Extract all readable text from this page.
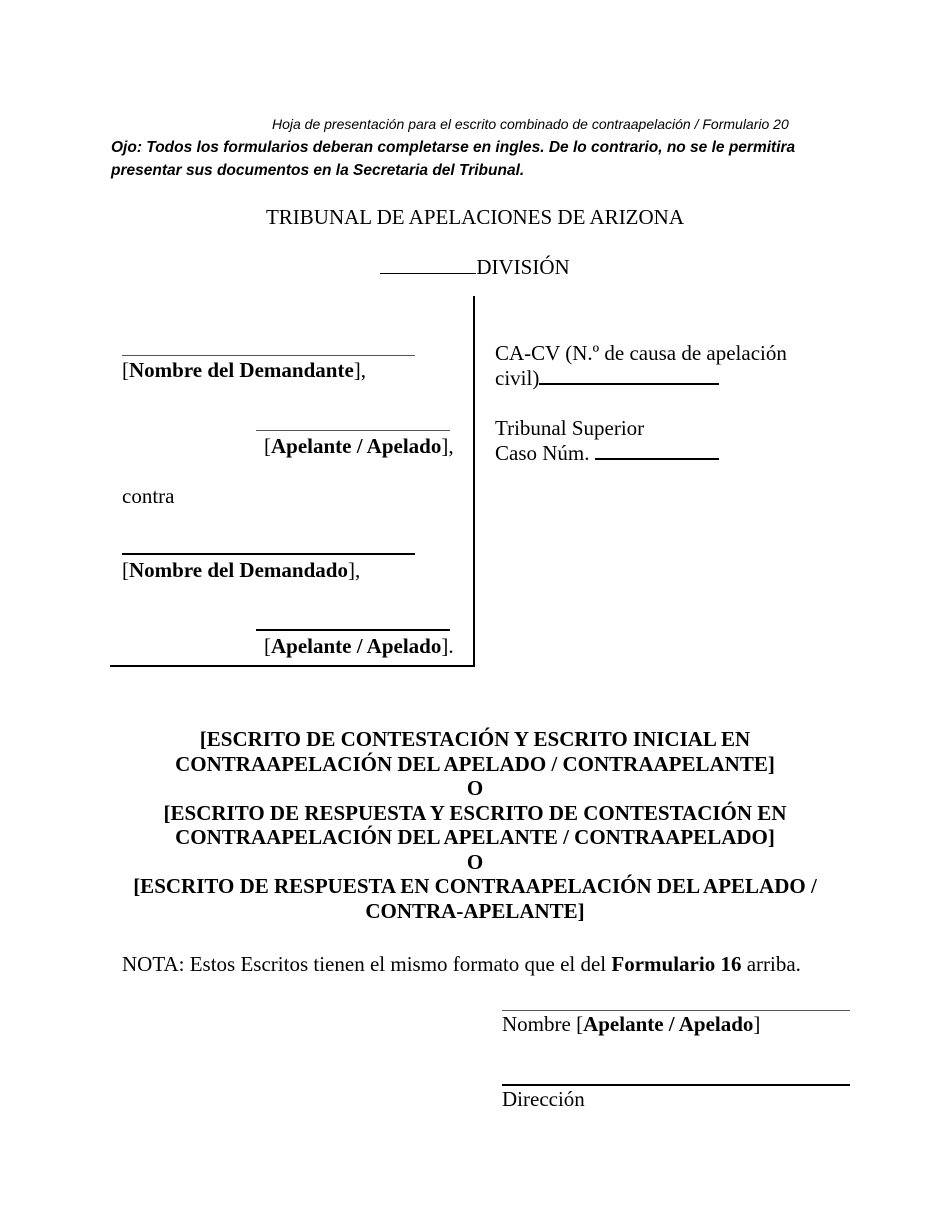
Hoja de presentación para el escrito combinado de contraapelación / Formulario 20
Ojo: Todos los formularios deberan completarse en ingles. De lo contrario, no se le permitira presentar sus documentos en la Secretaria del Tribunal.
TRIBUNAL DE APELACIONES DE ARIZONA
DIVISIÓN
[Nombre del Demandante],
[Apelante / Apelado],
contra
[Nombre del Demandado],
[Apelante / Apelado].
CA-CV (N.º de causa de apelación
civil)
Tribunal Superior
Caso Núm.
[ESCRITO DE CONTESTACIÓN Y ESCRITO INICIAL EN
CONTRAAPELACIÓN DEL APELADO / CONTRAAPELANTE]
O
[ESCRITO DE RESPUESTA Y ESCRITO DE CONTESTACIÓN EN
CONTRAAPELACIÓN DEL APELANTE / CONTRAAPELADO]
O
[ESCRITO DE RESPUESTA EN CONTRAAPELACIÓN DEL APELADO /
CONTRA-APELANTE]
NOTA: Estos Escritos tienen el mismo formato que el del Formulario 16 arriba.
Nombre [Apelante / Apelado]
Dirección
